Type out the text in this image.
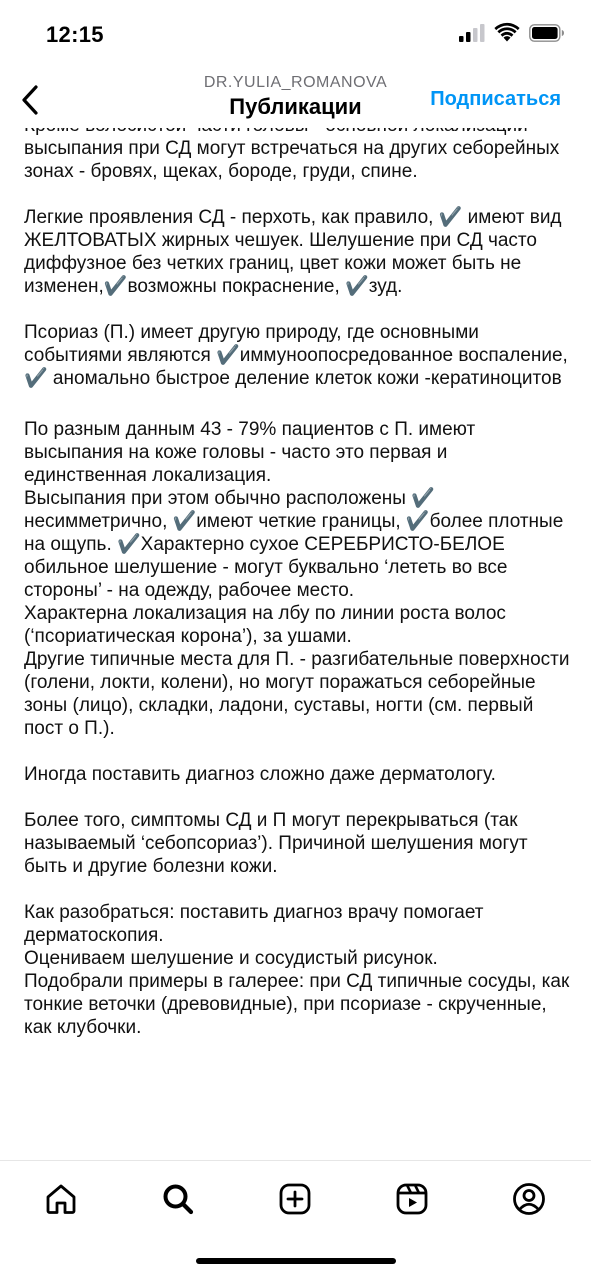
12:15
DR.YULIA_ROMANOVA
Публикации	Подписаться

высыпания при СД могут встречаться на других себорейных зонах - бровях, щеках, бороде, груди, спине.

Легкие проявления СД - перхоть, как правило, ✔️ имеют вид ЖЕЛТОВАТЫХ жирных чешуек. Шелушение при СД часто диффузное без четких границ, цвет кожи может быть не изменен,✔️возможны покраснение, ✔️зуд.

Псориаз (П.) имеет другую природу, где основными событиями являются ✔️иммуноопосредованное воспаление, ✔️ аномально быстрое деление клеток кожи -кератиноцитов

По разным данным 43 - 79% пациентов с П. имеют высыпания на коже головы - часто это первая и единственная локализация.

Высыпания при этом обычно расположены ✔️ несимметрично, ✔️имеют четкие границы, ✔️более плотные на ощупь. ✔️Характерно сухое СЕРЕБРИСТО-БЕЛОЕ обильное шелушение - могут буквально ‘лететь во все стороны’ - на одежду, рабочее место.

Характерна локализация на лбу по линии роста волос (‘псориатическая корона’), за ушами.

Другие типичные места для П. - разгибательные поверхности (голени, локти, колени), но могут поражаться себорейные зоны (лицо), складки, ладони, суставы, ногти (см. первый пост о П.).

Иногда поставить диагноз сложно даже дерматологу.

Более того, симптомы СД и П могут перекрываться (так называемый ‘себопсориаз’). Причиной шелушения могут быть и другие болезни кожи.

Как разобраться: поставить диагноз врачу помогает дерматоскопия.

Оцениваем шелушение и сосудистый рисунок.

Подобрали примеры в галерее: при СД типичные сосуды, как тонкие веточки (древовидные), при псориазе - скрученные, как клубочки.
